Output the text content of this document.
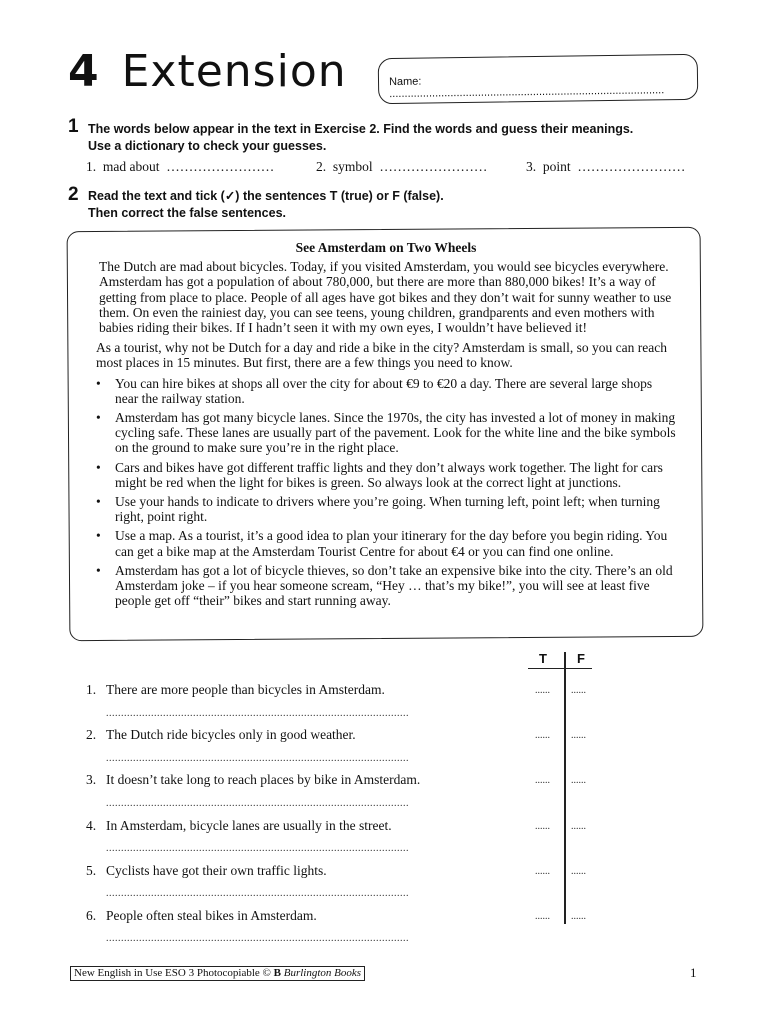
4 Extension	Name: ..........................................................................................
1 The words below appear in the text in Exercise 2. Find the words and guess their meanings.
Use a dictionary to check your guesses.
1. mad about ……………………	2. symbol ……………………	3. point ……………………
2 Read the text and tick (✓) the sentences T (true) or F (false).
Then correct the false sentences.
See Amsterdam on Two Wheels

The Dutch are mad about bicycles. Today, if you visited Amsterdam, you would see bicycles everywhere. Amsterdam has got a population of about 780,000, but there are more than 880,000 bikes! It’s a way of getting from place to place. People of all ages have got bikes and they don’t wait for sunny weather to use them. On even the rainiest day, you can see teens, young children, grandparents and even mothers with babies riding their bikes. If I hadn’t seen it with my own eyes, I wouldn’t have believed it!

As a tourist, why not be Dutch for a day and ride a bike in the city? Amsterdam is small, so you can reach most places in 15 minutes. But first, there are a few things you need to know.

• You can hire bikes at shops all over the city for about €9 to €20 a day. There are several large shops near the railway station.
• Amsterdam has got many bicycle lanes. Since the 1970s, the city has invested a lot of money in making cycling safe. These lanes are usually part of the pavement. Look for the white line and the bike symbols on the ground to make sure you’re in the right place.
• Cars and bikes have got different traffic lights and they don’t always work together. The light for cars might be red when the light for bikes is green. So always look at the correct light at junctions.
• Use your hands to indicate to drivers where you’re going. When turning left, point left; when turning right, point right.
• Use a map. As a tourist, it’s a good idea to plan your itinerary for the day before you begin riding. You can get a bike map at the Amsterdam Tourist Centre for about €4 or you can find one online.
• Amsterdam has got a lot of bicycle thieves, so don’t take an expensive bike into the city. There’s an old Amsterdam joke – if you hear someone scream, “Hey … that’s my bike!”, you will see at least five people get off “their” bikes and start running away.
T F
1. There are more people than bicycles in Amsterdam.	...... ......
.....................................................................................................
2. The Dutch ride bicycles only in good weather.	...... ......
.....................................................................................................
3. It doesn’t take long to reach places by bike in Amsterdam.	...... ......
.....................................................................................................
4. In Amsterdam, bicycle lanes are usually in the street.	...... ......
.....................................................................................................
5. Cyclists have got their own traffic lights.	...... ......
.....................................................................................................
6. People often steal bikes in Amsterdam.	...... ......
.....................................................................................................
New English in Use ESO 3 Photocopiable © B Burlington Books	1
